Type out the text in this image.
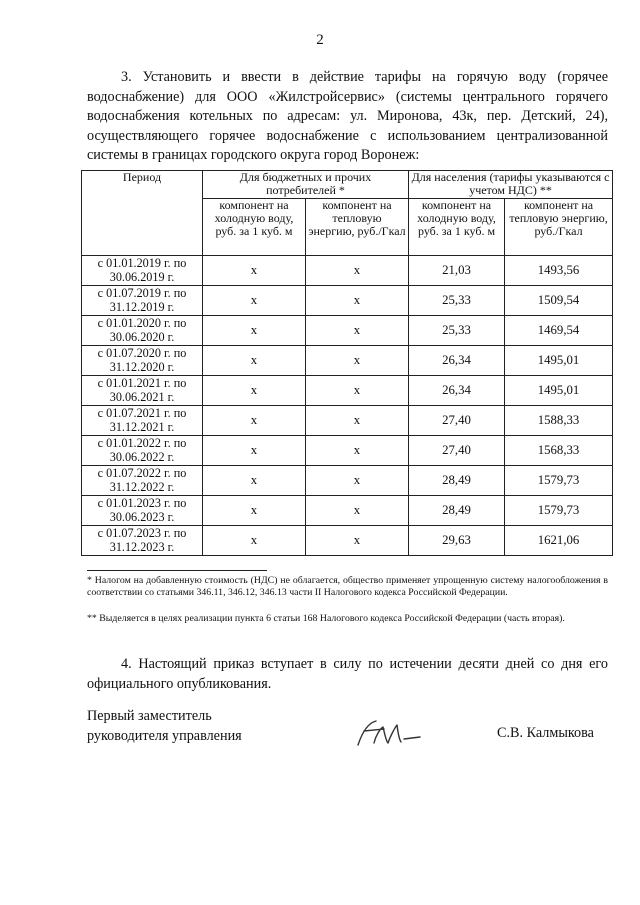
2
3. Установить и ввести в действие тарифы на горячую воду (горячее водоснабжение) для ООО «Жилстройсервис» (системы центрального горячего водоснабжения котельных по адресам: ул. Миронова, 43к, пер. Детский, 24), осуществляющего горячее водоснабжение с использованием централизованной системы в границах городского округа город Воронеж:
Период	Для бюджетных и прочих потребителей *		Для населения (тарифы указываются с учетом НДС) **	
	компонент на холодную воду, руб. за 1 куб. м	компонент на тепловую энергию, руб./Гкал	компонент на холодную воду, руб. за 1 куб. м	компонент на тепловую энергию, руб./Гкал
с 01.01.2019 г. по 30.06.2019 г.	х	х	21,03	1493,56
с 01.07.2019 г. по 31.12.2019 г.	х	х	25,33	1509,54
с 01.01.2020 г. по 30.06.2020 г.	х	х	25,33	1469,54
с 01.07.2020 г. по 31.12.2020 г.	х	х	26,34	1495,01
с 01.01.2021 г. по 30.06.2021 г.	х	х	26,34	1495,01
с 01.07.2021 г. по 31.12.2021 г.	х	х	27,40	1588,33
с 01.01.2022 г. по 30.06.2022 г.	х	х	27,40	1568,33
с 01.07.2022 г. по 31.12.2022 г.	х	х	28,49	1579,73
с 01.01.2023 г. по 30.06.2023 г.	х	х	28,49	1579,73
с 01.07.2023 г. по 31.12.2023 г.	х	х	29,63	1621,06
* Налогом на добавленную стоимость (НДС) не облагается, общество применяет упрощенную систему налогообложения в соответствии со статьями 346.11, 346.12, 346.13 части II Налогового кодекса Российской Федерации.
** Выделяется в целях реализации пункта 6 статьи 168 Налогового кодекса Российской Федерации (часть вторая).
4. Настоящий приказ вступает в силу по истечении десяти дней со дня его официального опубликования.
Первый заместитель
руководителя управления	С.В. Калмыкова
